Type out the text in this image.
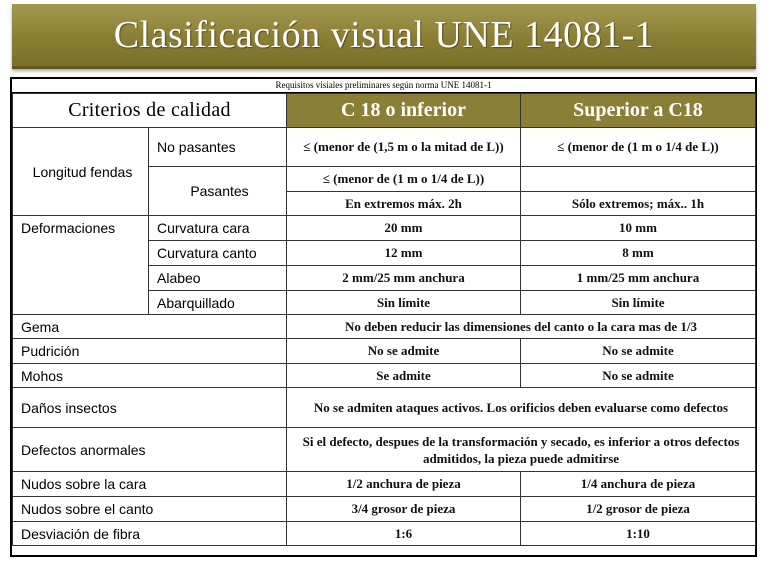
Clasificación visual UNE 14081-1
Requisitos visiales preliminares según norma UNE 14081-1
Criterios de calidad		C 18 o inferior	Superior a C18
Longitud fendas	No pasantes	≤ (menor de (1,5 m o la mitad de L))	≤ (menor de (1 m o 1/4 de L))
	Pasantes	≤ (menor de (1 m o 1/4 de L))	
		En extremos máx. 2h	Sólo extremos; máx.. 1h
Deformaciones	Curvatura cara	20 mm	10 mm
	Curvatura canto	12 mm	8 mm
	Alabeo	2 mm/25 mm anchura	1 mm/25 mm anchura
	Abarquillado	Sin límite	Sin límite
Gema		No deben reducir las dimensiones del canto o la cara mas de 1/3	
Pudrición		No se admite	No se admite
Mohos		Se admite	No se admite
Daños insectos		No se admiten ataques activos. Los orificios deben evaluarse como defectos	
Defectos anormales		Si el defecto, despues de la transformación y secado, es inferior a otros defectos admitidos, la pieza puede admitirse	
Nudos sobre la cara		1/2 anchura de pieza	1/4 anchura de pieza
Nudos sobre el canto		3/4 grosor de pieza	1/2 grosor de pieza
Desviación de fibra		1:6	1:10
